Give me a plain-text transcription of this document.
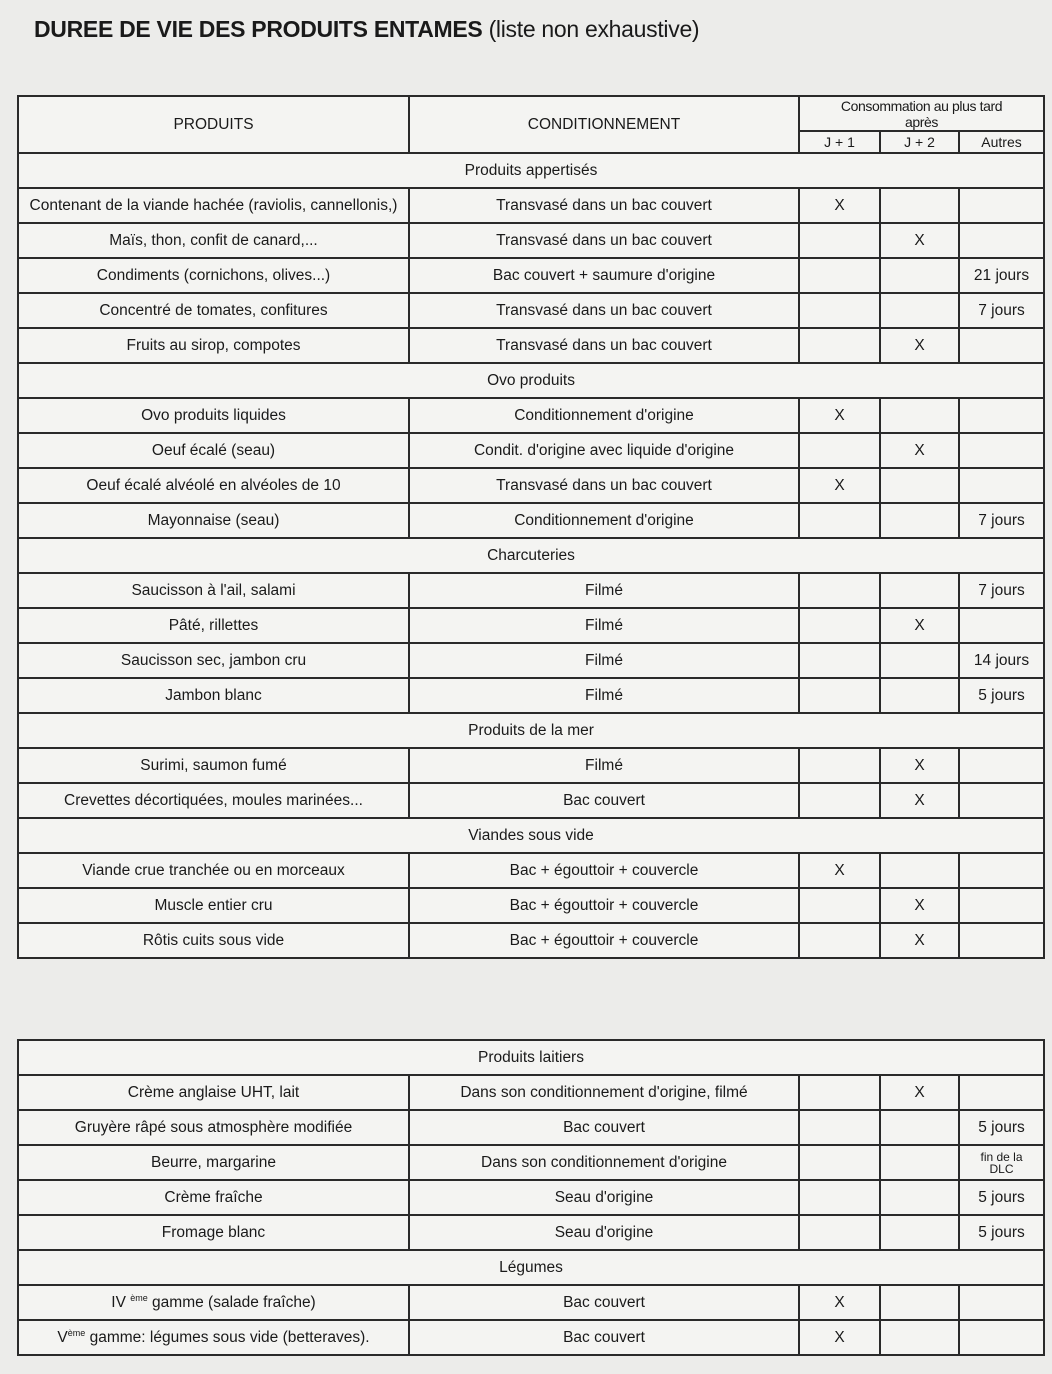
DUREE DE VIE DES PRODUITS ENTAMES (liste non exhaustive)
PRODUITS	CONDITIONNEMENT	Consommation au plus tard après		
		J + 1	J + 2	Autres
Produits appertisés				
Contenant de la viande hachée (raviolis, cannellonis,)	Transvasé dans un bac couvert	X		
Maïs, thon, confit de canard,...	Transvasé dans un bac couvert		X	
Condiments (cornichons, olives...)	Bac couvert + saumure d'origine			21 jours
Concentré de tomates, confitures	Transvasé dans un bac couvert			7 jours
Fruits au sirop, compotes	Transvasé dans un bac couvert		X	
Ovo produits				
Ovo produits liquides	Conditionnement d'origine	X		
Oeuf écalé (seau)	Condit. d'origine avec liquide d'origine		X	
Oeuf écalé alvéolé en alvéoles de 10	Transvasé dans un bac couvert	X		
Mayonnaise (seau)	Conditionnement d'origine			7 jours
Charcuteries				
Saucisson à l'ail, salami	Filmé			7 jours
Pâté, rillettes	Filmé		X	
Saucisson sec, jambon cru	Filmé			14 jours
Jambon blanc	Filmé			5 jours
Produits de la mer				
Surimi, saumon fumé	Filmé		X	
Crevettes décortiquées, moules marinées...	Bac couvert		X	
Viandes sous vide				
Viande crue tranchée ou en morceaux	Bac + égouttoir + couvercle	X		
Muscle entier cru	Bac + égouttoir + couvercle		X	
Rôtis cuits sous vide	Bac + égouttoir + couvercle		X	
Produits laitiers				
Crème anglaise UHT, lait	Dans son conditionnement d'origine, filmé		X	
Gruyère râpé sous atmosphère modifiée	Bac couvert			5 jours
Beurre, margarine	Dans son conditionnement d'origine			fin de la DLC
Crème fraîche	Seau d'origine			5 jours
Fromage blanc	Seau d'origine			5 jours
Légumes				
IV $^{ème}$ gamme (salade fraîche)	Bac couvert	X		
Vème gamme: légumes sous vide (betteraves).	Bac couvert	X		
